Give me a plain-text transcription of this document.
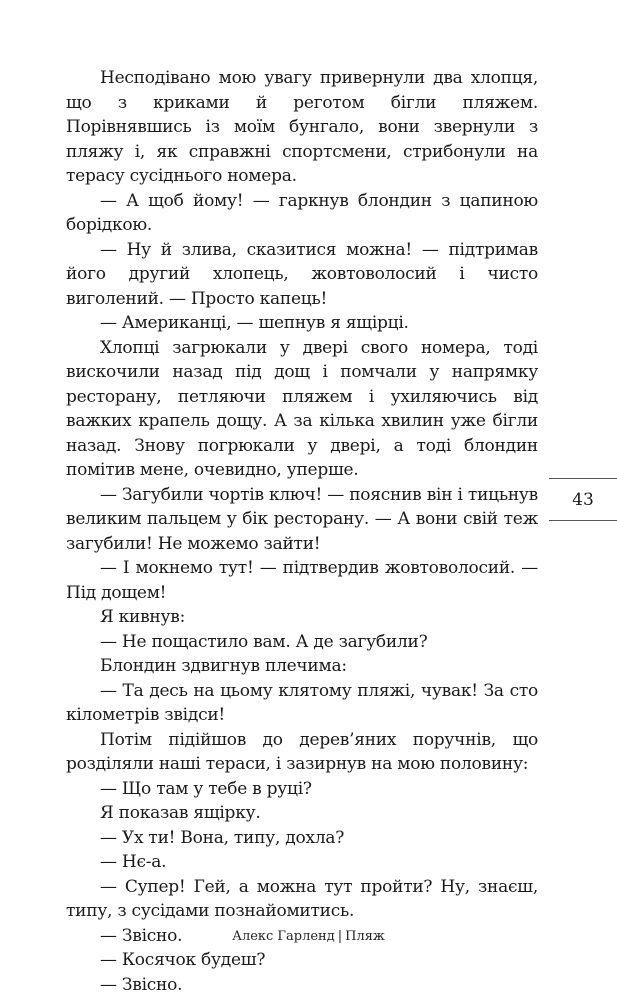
Несподівано мою увагу привернули два хлопця, що з криками й реготом бігли пляжем. Порівнявшись із моїм бунгало, вони звернули з пляжу і, як справжні спортсмени, стрибонули на терасу сусіднього номера.

— А щоб йому! — гаркнув блондин з цапиною борідкою.

— Ну й злива, сказитися можна! — підтримав його другий хлопець, жовтоволосий і чисто виголений. — Просто капець!

— Американці, — шепнув я ящірці.

Хлопці загрюкали у двері свого номера, тоді вискочили назад під дощ і помчали у напрямку ресторану, петляючи пляжем і ухиляючись від важких крапель дощу. А за кілька хвилин уже бігли назад. Знову погрюкали у двері, а тоді блондин помітив мене, очевидно, уперше.

— Загубили чортів ключ! — пояснив він і тицьнув великим пальцем у бік ресторану. — А вони свій теж загубили! Не можемо зайти!

— І мокнемо тут! — підтвердив жовтоволосий. — Під дощем!

Я кивнув:

— Не пощастило вам. А де загубили?

Блондин здвигнув плечима:

— Та десь на цьому клятому пляжі, чувак! За сто кілометрів звідси!

Потім підійшов до дерев’яних поручнів, що розділяли наші тераси, і зазирнув на мою половину:

— Що там у тебе в руці?

Я показав ящірку.

— Ух ти! Вона, типу, дохла?

— Нє-а.

— Супер! Гей, а можна тут пройти? Ну, знаєш, типу, з сусідами познайомитись.

— Звісно.

— Косячок будеш?

— Звісно.

43
Алекс Гарленд | Пляж
